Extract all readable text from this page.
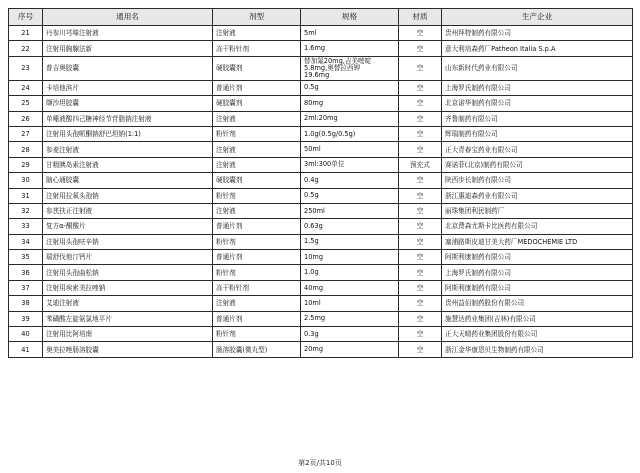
序号	通用名	剂型	规格	材质	生产企业
21	丹参川芎嗪注射液	注射液	5ml	空	贵州拜特制药有限公司
22	注射用胸腺法新	冻干粉针剂	1.6mg	空	意大利培森药厂Patheon Italia S.p.A
23	普吉奥胶囊	硬胶囊剂	替加氟20mg,吉美嘧啶
5.8mg,奥替拉西钾
19.6mg	空	山东新时代药业有限公司
24	卡培他滨片	普通片剂	0.5g	空	上海罗氏制药有限公司
25	缬沙坦胶囊	硬胶囊剂	80mg	空	北京诺华制药有限公司
26	单唾液酸四己糖神经节苷脂钠注射液	注射液	2ml:20mg	空	齐鲁制药有限公司
27	注射用头孢哌酮钠舒巴坦钠(1:1)	粉针剂	1.0g(0.5g/0.5g)	空	辉瑞制药有限公司
28	参麦注射液	注射液	50ml	空	正大青春宝药业有限公司
29	甘精胰岛素注射液	注射液	3ml:300单位	预充式	赛诺菲(北京)制药有限公司
30	脑心通胶囊	硬胶囊剂	0.4g	空	陕西步长制药有限公司
31	注射用拉氧头孢钠	粉针剂	0.5g	空	浙江惠迪森药业有限公司
32	参芪扶正注射液	注射液	250ml	空	丽珠集团利民制药厂
33	复方α-酮酸片	普通片剂	0.63g	空	北京费森尤斯卡比医药有限公司
34	注射用头孢呋辛钠	粉针剂	1.5g	空	塞浦路斯皮迪甘美大药厂MEDOCHEMIE LTD
35	瑞舒伐他汀钙片	普通片剂	10mg	空	阿斯利康制药有限公司
36	注射用头孢曲松钠	粉针剂	1.0g	空	上海罗氏制药有限公司
37	注射用埃索美拉唑钠	冻干粉针剂	40mg	空	阿斯利康制药有限公司
38	艾迪注射液	注射液	10ml	空	贵州益佰制药股份有限公司
39	苯磺酸左旋氨氯地平片	普通片剂	2.5mg	空	施慧达药业集团(吉林)有限公司
40	注射用比阿培南	粉针剂	0.3g	空	正大天晴药业集团股份有限公司
41	奥美拉唑肠溶胶囊	肠溶胶囊(微丸型)	20mg	空	浙江金华康恩贝生物制药有限公司
第2页/共10页
